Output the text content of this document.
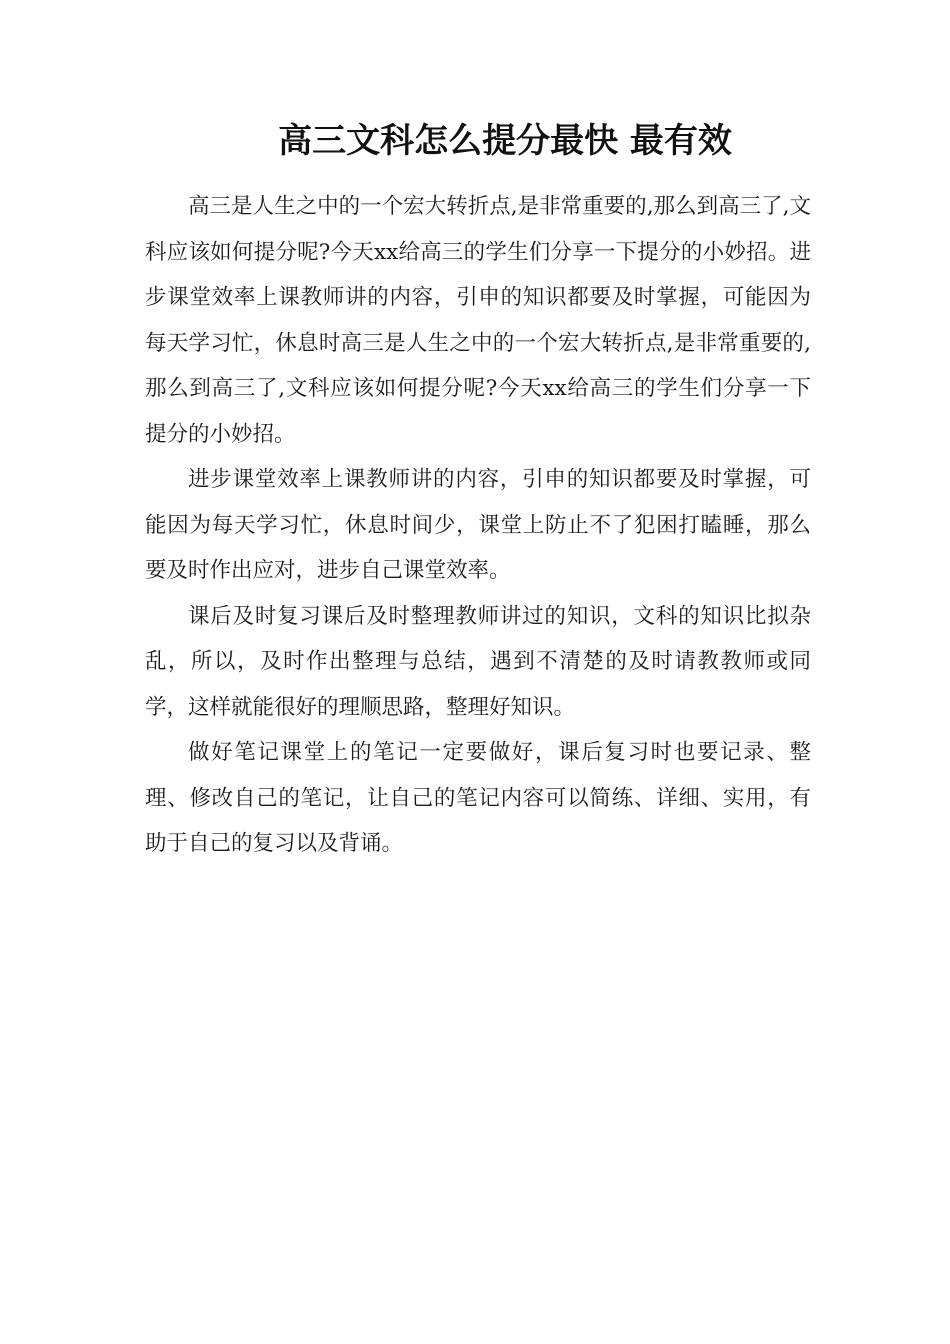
高三文科怎么提分最快 最有效

高三是人生之中的一个宏大转折点,是非常重要的,那么到高三了,文科应该如何提分呢?今天xx给高三的学生们分享一下提分的小妙招。进步课堂效率上课教师讲的内容，引申的知识都要及时掌握，可能因为每天学习忙，休息时高三是人生之中的一个宏大转折点,是非常重要的,那么到高三了,文科应该如何提分呢?今天xx给高三的学生们分享一下提分的小妙招。

进步课堂效率上课教师讲的内容，引申的知识都要及时掌握，可能因为每天学习忙，休息时间少，课堂上防止不了犯困打瞌睡，那么要及时作出应对，进步自己课堂效率。

课后及时复习课后及时整理教师讲过的知识，文科的知识比拟杂乱，所以，及时作出整理与总结，遇到不清楚的及时请教教师或同学，这样就能很好的理顺思路，整理好知识。

做好笔记课堂上的笔记一定要做好，课后复习时也要记录、整理、修改自己的笔记，让自己的笔记内容可以简练、详细、实用，有助于自己的复习以及背诵。
